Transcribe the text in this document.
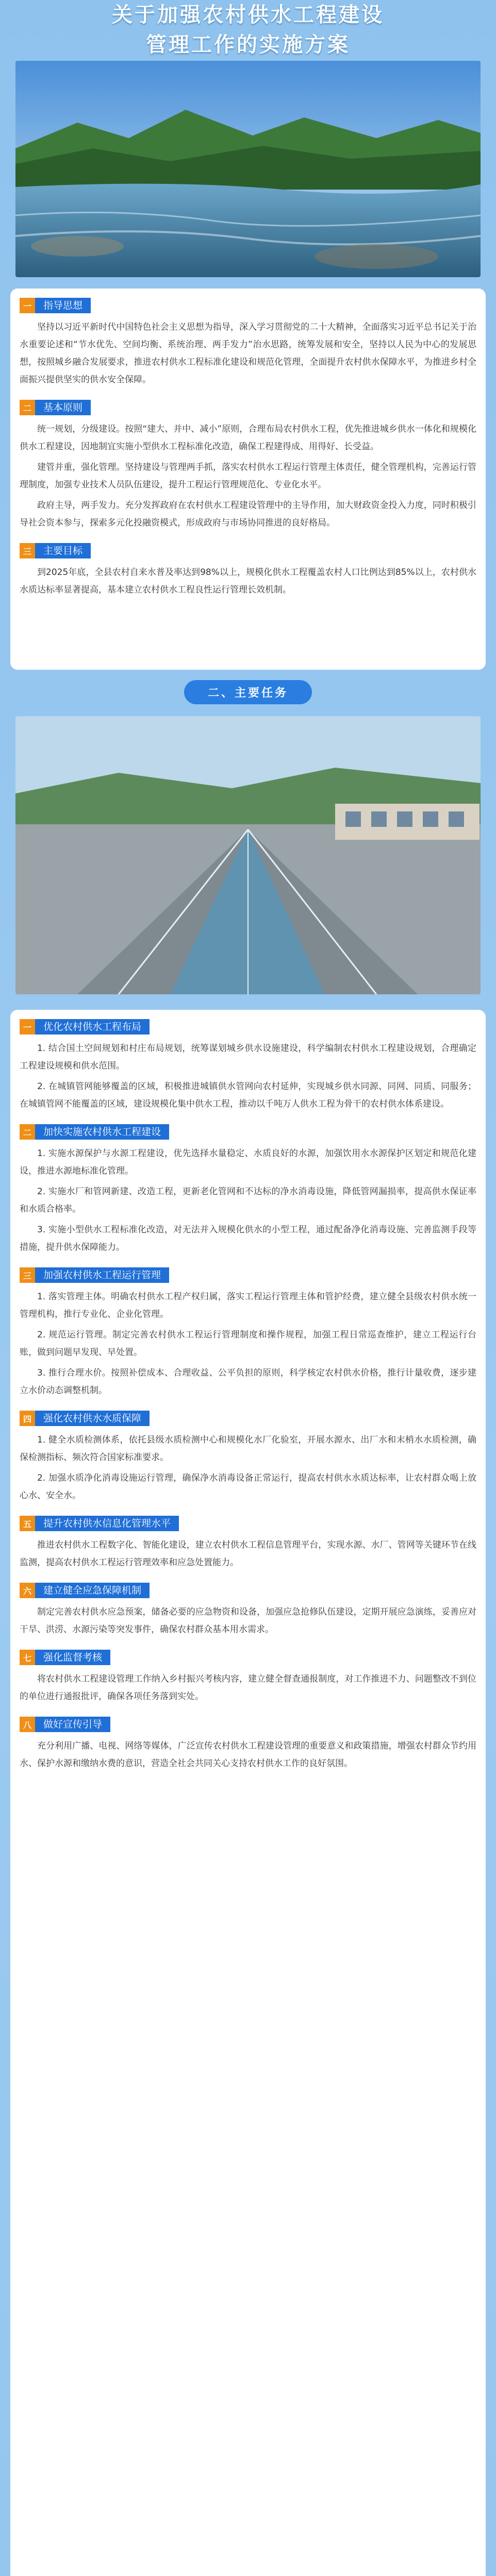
关于加强农村供水工程建设
管理工作的实施方案
一	指导思想

坚持以习近平新时代中国特色社会主义思想为指导，深入学习贯彻党的二十大精神，全面落实习近平总书记关于治水重要论述和“节水优先、空间均衡、系统治理、两手发力”治水思路，统筹发展和安全，坚持以人民为中心的发展思想，按照城乡融合发展要求，推进农村供水工程标准化建设和规范化管理，全面提升农村供水保障水平，为推进乡村全面振兴提供坚实的供水安全保障。

二	基本原则

统一规划，分级建设。按照“建大、并中、减小”原则，合理布局农村供水工程，优先推进城乡供水一体化和规模化供水工程建设，因地制宜实施小型供水工程标准化改造，确保工程建得成、用得好、长受益。

建管并重，强化管理。坚持建设与管理两手抓，落实农村供水工程运行管理主体责任，健全管理机构，完善运行管理制度，加强专业技术人员队伍建设，提升工程运行管理规范化、专业化水平。

政府主导，两手发力。充分发挥政府在农村供水工程建设管理中的主导作用，加大财政资金投入力度，同时积极引导社会资本参与，探索多元化投融资模式，形成政府与市场协同推进的良好格局。

三	主要目标

到2025年底，全县农村自来水普及率达到98%以上，规模化供水工程覆盖农村人口比例达到85%以上，农村供水水质达标率显著提高，基本建立农村供水工程良性运行管理长效机制。

二、主要任务
一	优化农村供水工程布局

1. 结合国土空间规划和村庄布局规划，统筹谋划城乡供水设施建设，科学编制农村供水工程建设规划，合理确定工程建设规模和供水范围。

2. 在城镇管网能够覆盖的区域，积极推进城镇供水管网向农村延伸，实现城乡供水同源、同网、同质、同服务；在城镇管网不能覆盖的区域，建设规模化集中供水工程，推动以千吨万人供水工程为骨干的农村供水体系建设。

二	加快实施农村供水工程建设

1. 实施水源保护与水源工程建设，优先选择水量稳定、水质良好的水源，加强饮用水水源保护区划定和规范化建设，推进水源地标准化管理。

2. 实施水厂和管网新建、改造工程，更新老化管网和不达标的净水消毒设施，降低管网漏损率，提高供水保证率和水质合格率。

3. 实施小型供水工程标准化改造，对无法并入规模化供水的小型工程，通过配备净化消毒设施、完善监测手段等措施，提升供水保障能力。

三	加强农村供水工程运行管理

1. 落实管理主体。明确农村供水工程产权归属，落实工程运行管理主体和管护经费，建立健全县级农村供水统一管理机构，推行专业化、企业化管理。

2. 规范运行管理。制定完善农村供水工程运行管理制度和操作规程，加强工程日常巡查维护，建立工程运行台账，做到问题早发现、早处置。

3. 推行合理水价。按照补偿成本、合理收益、公平负担的原则，科学核定农村供水价格，推行计量收费，逐步建立水价动态调整机制。

四	强化农村供水水质保障

1. 健全水质检测体系，依托县级水质检测中心和规模化水厂化验室，开展水源水、出厂水和末梢水水质检测，确保检测指标、频次符合国家标准要求。

2. 加强水质净化消毒设施运行管理，确保净水消毒设备正常运行，提高农村供水水质达标率，让农村群众喝上放心水、安全水。

五	提升农村供水信息化管理水平

推进农村供水工程数字化、智能化建设，建立农村供水工程信息管理平台，实现水源、水厂、管网等关键环节在线监测，提高农村供水工程运行管理效率和应急处置能力。

六	建立健全应急保障机制

制定完善农村供水应急预案，储备必要的应急物资和设备，加强应急抢修队伍建设，定期开展应急演练，妥善应对干旱、洪涝、水源污染等突发事件，确保农村群众基本用水需求。

七	强化监督考核

将农村供水工程建设管理工作纳入乡村振兴考核内容，建立健全督查通报制度，对工作推进不力、问题整改不到位的单位进行通报批评，确保各项任务落到实处。

八	做好宣传引导

充分利用广播、电视、网络等媒体，广泛宣传农村供水工程建设管理的重要意义和政策措施，增强农村群众节约用水、保护水源和缴纳水费的意识，营造全社会共同关心支持农村供水工作的良好氛围。
